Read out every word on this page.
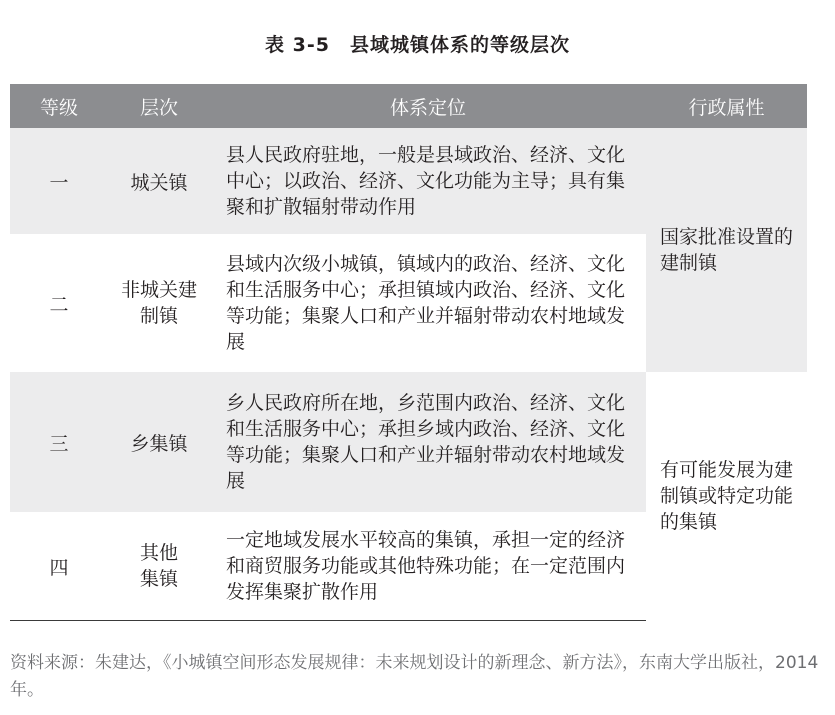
表 3-5　县域城镇体系的等级层次
等级	层次	体系定位	行政属性
一	城关镇	县人民政府驻地，一般是县域政治、经济、文化中心；以政治、经济、文化功能为主导；具有集聚和扩散辐射带动作用	国家批准设置的建制镇
二	非城关建制镇	县域内次级小城镇，镇域内的政治、经济、文化和生活服务中心；承担镇域内政治、经济、文化等功能；集聚人口和产业并辐射带动农村地域发展	
三	乡集镇	乡人民政府所在地，乡范围内政治、经济、文化和生活服务中心；承担乡域内政治、经济、文化等功能；集聚人口和产业并辐射带动农村地域发展	有可能发展为建制镇或特定功能的集镇
四	其他集镇	一定地域发展水平较高的集镇，承担一定的经济和商贸服务功能或其他特殊功能；在一定范围内发挥集聚扩散作用	
资料来源：朱建达，《小城镇空间形态发展规律：未来规划设计的新理念、新方法》，东南大学出版社，2014 年。
